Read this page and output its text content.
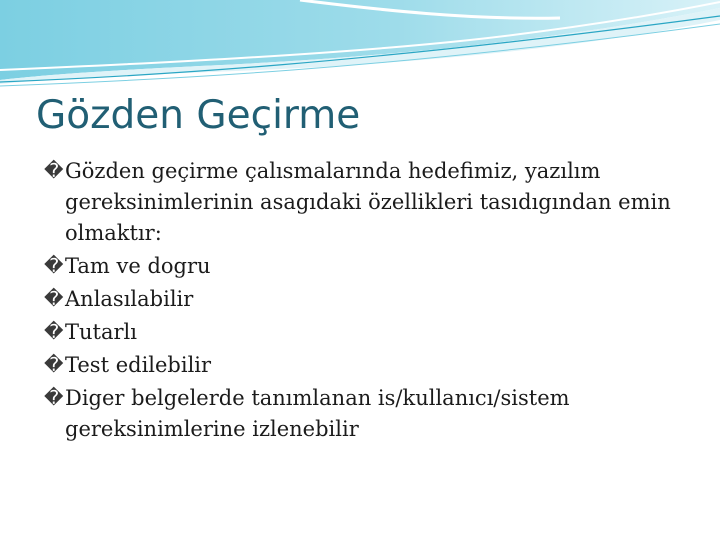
Gözden Geçirme
� Gözden geçirme çalısmalarında hedefimiz, yazılım gereksinimlerinin asagıdaki özellikleri tasıdıgından emin olmaktır:
� Tam ve dogru
� Anlasılabilir
� Tutarlı
� Test edilebilir
� Diger belgelerde tanımlanan is/kullanıcı/sistem gereksinimlerine izlenebilir
